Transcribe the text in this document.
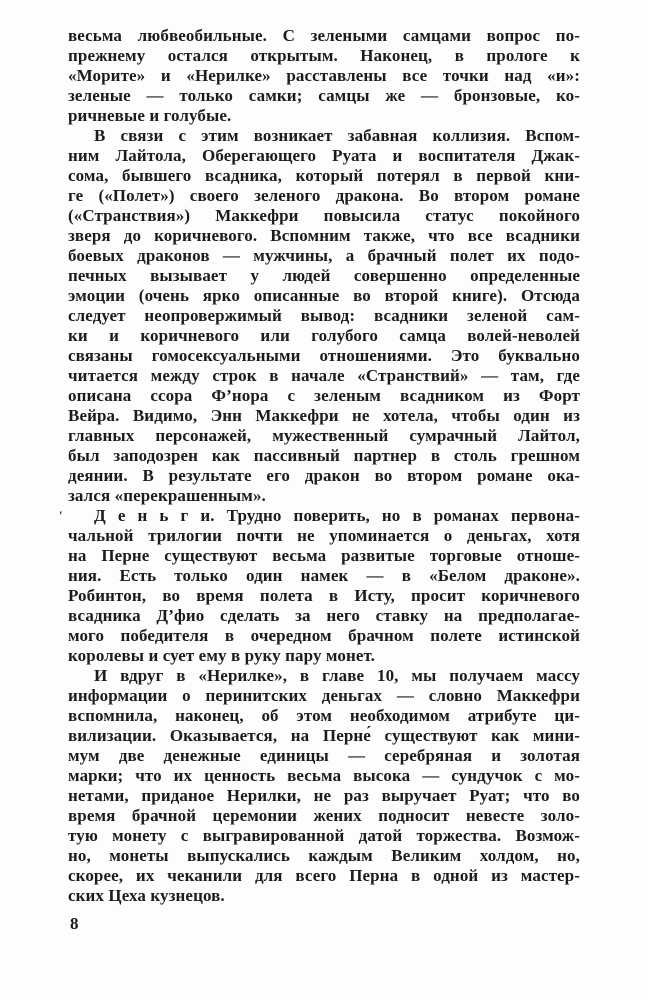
ʹ
весьма любвеобильные. С зелеными самцами вопрос по-
прежнему остался открытым. Наконец, в прологе к
«Морите» и «Нерилке» расставлены все точки над «и»:
зеленые — только самки; самцы же — бронзовые, ко-
ричневые и голубые.
В связи с этим возникает забавная коллизия. Вспом-
ним Лайтола, Оберегающего Руата и воспитателя Джак-
сома, бывшего всадника, который потерял в первой кни-
ге («Полет») своего зеленого дракона. Во втором романе
(«Странствия») Маккефри повысила статус покойного
зверя до коричневого. Вспомним также, что все всадники
боевых драконов — мужчины, а брачный полет их подо-
печных вызывает у людей совершенно определенные
эмоции (очень ярко описанные во второй книге). Отсюда
следует неопровержимый вывод: всадники зеленой сам-
ки и коричневого или голубого самца волей-неволей
связаны гомосексуальными отношениями. Это буквально
читается между строк в начале «Странствий» — там, где
описана ссора Ф’нора с зеленым всадником из Форт
Вейра. Видимо, Энн Маккефри не хотела, чтобы один из
главных персонажей, мужественный сумрачный Лайтол,
был заподозрен как пассивный партнер в столь грешном
деянии. В результате его дракон во втором романе ока-
зался «перекрашенным».
Д е н ь г и. Трудно поверить, но в романах первона-
чальной трилогии почти не упоминается о деньгах, хотя
на Перне существуют весьма развитые торговые отноше-
ния. Есть только один намек — в «Белом драконе».
Робинтон, во время полета в Исту, просит коричневого
всадника Д’фио сделать за него ставку на предполагае-
мого победителя в очередном брачном полете истинской
королевы и сует ему в руку пару монет.
И вдруг в «Нерилке», в главе 10, мы получаем массу
информации о перинитских деньгах — словно Маккефри
вспомнила, наконец, об этом необходимом атрибуте ци-
вилизации. Оказывается, на Перне́ существуют как мини-
мум две денежные единицы — серебряная и золотая
марки; что их ценность весьма высока — сундучок с мо-
нетами, приданое Нерилки, не раз выручает Руат; что во
время брачной церемонии жених подносит невесте золо-
тую монету с выгравированной датой торжества. Возмож-
но, монеты выпускались каждым Великим холдом, но,
скорее, их чеканили для всего Перна в одной из мастер-
ских Цеха кузнецов.
8
